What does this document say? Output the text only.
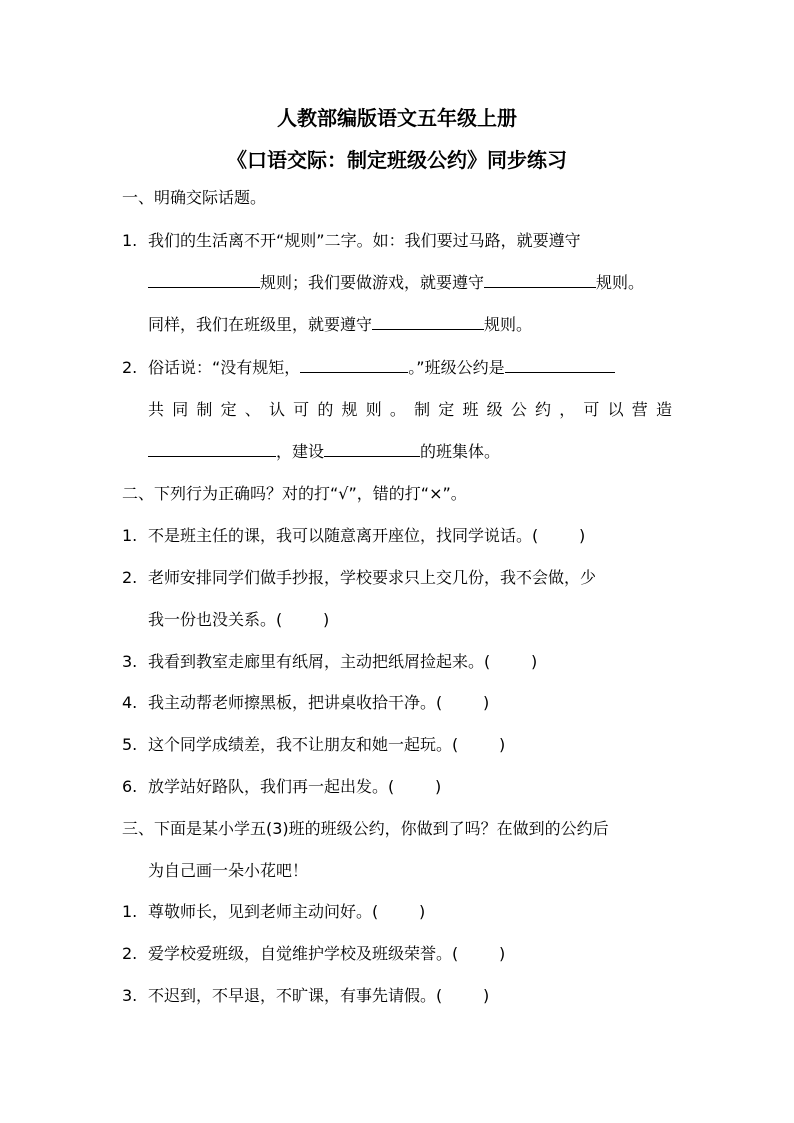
人教部编版语文五年级上册
《口语交际：制定班级公约》同步练习
一、明确交际话题。
1. 我们的生活离不开“规则”二字。如：我们要过马路，就要遵守
规则；我们要做游戏，就要遵守	规则。
同样，我们在班级里，就要遵守	规则。
2. 俗话说：“没有规矩，	。”班级公约是
共 同 制 定 、 认 可 的 规 则 。 制 定 班 级 公 约 ， 可 以 营 造
，建设	的班集体。
二、下列行为正确吗？对的打“√”，错的打“×”。
1. 不是班主任的课，我可以随意离开座位，找同学说话。(        )
2. 老师安排同学们做手抄报，学校要求只上交几份，我不会做，少
我一份也没关系。(        )
3. 我看到教室走廊里有纸屑，主动把纸屑捡起来。(        )
4. 我主动帮老师擦黑板，把讲桌收拾干净。(        )
5. 这个同学成绩差，我不让朋友和她一起玩。(        )
6. 放学站好路队，我们再一起出发。(        )
三、下面是某小学五(3)班的班级公约，你做到了吗？在做到的公约后
为自己画一朵小花吧！
1. 尊敬师长，见到老师主动问好。(        )
2. 爱学校爱班级，自觉维护学校及班级荣誉。(        )
3. 不迟到，不早退，不旷课，有事先请假。(        )
